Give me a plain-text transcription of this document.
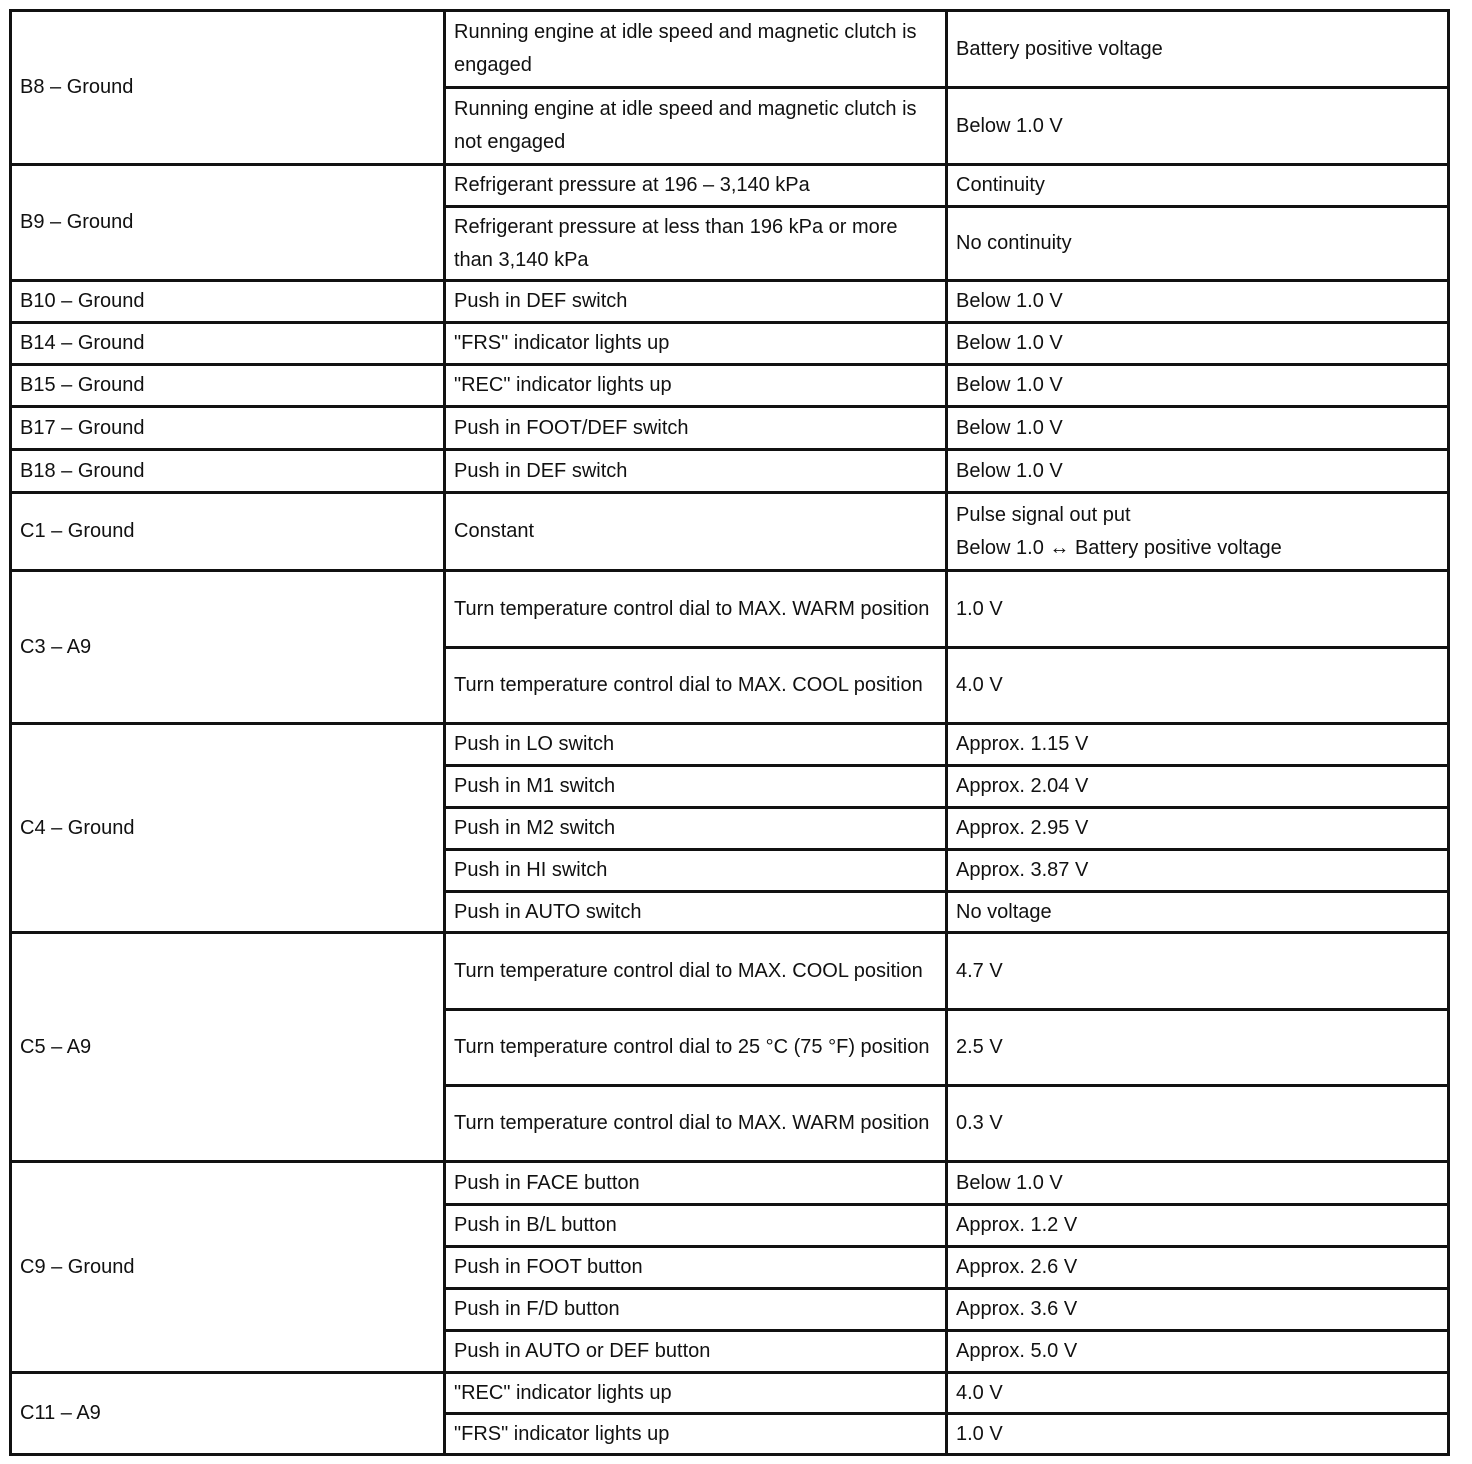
B8 – Ground	Running engine at idle speed and magnetic clutch is engaged	Battery positive voltage
	Running engine at idle speed and magnetic clutch is not engaged	Below 1.0 V
B9 – Ground	Refrigerant pressure at 196 – 3,140 kPa	Continuity
	Refrigerant pressure at less than 196 kPa or more than 3,140 kPa	No continuity
B10 – Ground	Push in DEF switch	Below 1.0 V
B14 – Ground	"FRS" indicator lights up	Below 1.0 V
B15 – Ground	"REC" indicator lights up	Below 1.0 V
B17 – Ground	Push in FOOT/DEF switch	Below 1.0 V
B18 – Ground	Push in DEF switch	Below 1.0 V
C1 – Ground	Constant	Pulse signal out put
Below 1.0 ↔ Battery positive voltage

C3 – A9	Turn temperature control dial to MAX. WARM position	1.0 V
	Turn temperature control dial to MAX. COOL position	4.0 V
C4 – Ground	Push in LO switch	Approx. 1.15 V
	Push in M1 switch	Approx. 2.04 V
	Push in M2 switch	Approx. 2.95 V
	Push in HI switch	Approx. 3.87 V
	Push in AUTO switch	No voltage
C5 – A9	Turn temperature control dial to MAX. COOL position	4.7 V
	Turn temperature control dial to 25 °C (75 °F) position	2.5 V
	Turn temperature control dial to MAX. WARM position	0.3 V
C9 – Ground	Push in FACE button	Below 1.0 V
	Push in B/L button	Approx. 1.2 V
	Push in FOOT button	Approx. 2.6 V
	Push in F/D button	Approx. 3.6 V
	Push in AUTO or DEF button	Approx. 5.0 V
C11 – A9	"REC" indicator lights up	4.0 V
	"FRS" indicator lights up	1.0 V
